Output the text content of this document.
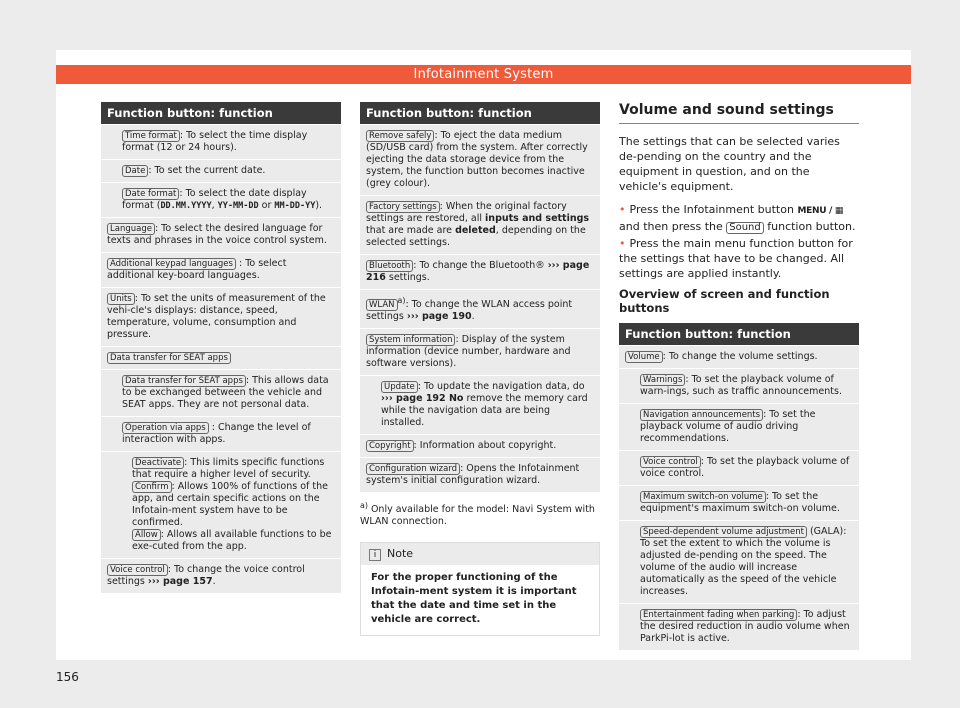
Infotainment System
Function button: function
Time format : To select the time display format (12 or 24 hours).
Date : To set the current date.
Date format : To select the date display format (DD.MM.YYYY, YY-MM-DD or MM-DD-YY).
Language : To select the desired language for texts and phrases in the voice control system.
Additional keypad languages : To select additional key-board languages.
Units : To set the units of measurement of the vehi-cle's displays: distance, speed, temperature, volume, consumption and pressure.
Data transfer for SEAT apps
Data transfer for SEAT apps : This allows data to be exchanged between the vehicle and SEAT apps. They are not personal data.
Operation via apps : Change the level of interaction with apps.
Deactivate : This limits specific functions that require a higher level of security.
Confirm : Allows 100% of functions of the app, and certain specific actions on the Infotain-ment system have to be confirmed.
Allow : Allows all available functions to be exe-cuted from the app.
Voice control : To change the voice control settings ››› page 157.
Function button: function
Remove safely : To eject the data medium (SD/USB card) from the system. After correctly ejecting the data storage device from the system, the function button becomes inactive (grey colour).
Factory settings : When the original factory settings are restored, all inputs and settings that are made are deleted, depending on the selected settings.
Bluetooth : To change the Bluetooth® ››› page 216 settings.
WLAN $^{a)}$: To change the WLAN access point settings ››› page 190.
System information : Display of the system information (device number, hardware and software versions).
Update : To update the navigation data, do ››› page 192 No remove the memory card while the navigation data are being installed.
Copyright : Information about copyright.
Configuration wizard : Opens the Infotainment system's initial configuration wizard.
$^{a)}$ Only available for the model: Navi System with WLAN connection.
i Note
For the proper functioning of the Infotain-ment system it is important that the date and time set in the vehicle are correct.
Volume and sound settings
The settings that can be selected varies de-pending on the country and the equipment in question, and on the vehicle's equipment.
• Press the Infotainment button MENU / ▦ and then press the Sound function button.
• Press the main menu function button for the settings that have to be changed. All settings are applied instantly.
Overview of screen and function buttons
Function button: function
Volume : To change the volume settings.
Warnings : To set the playback volume of warn-ings, such as traffic announcements.
Navigation announcements : To set the playback volume of audio driving recommendations.
Voice control : To set the playback volume of voice control.
Maximum switch-on volume : To set the equipment's maximum switch-on volume.
Speed-dependent volume adjustment (GALA): To set the extent to which the volume is adjusted de-pending on the speed. The volume of the audio will increase automatically as the speed of the vehicle increases.
Entertainment fading when parking : To adjust the desired reduction in audio volume when ParkPi-lot is active.
156
